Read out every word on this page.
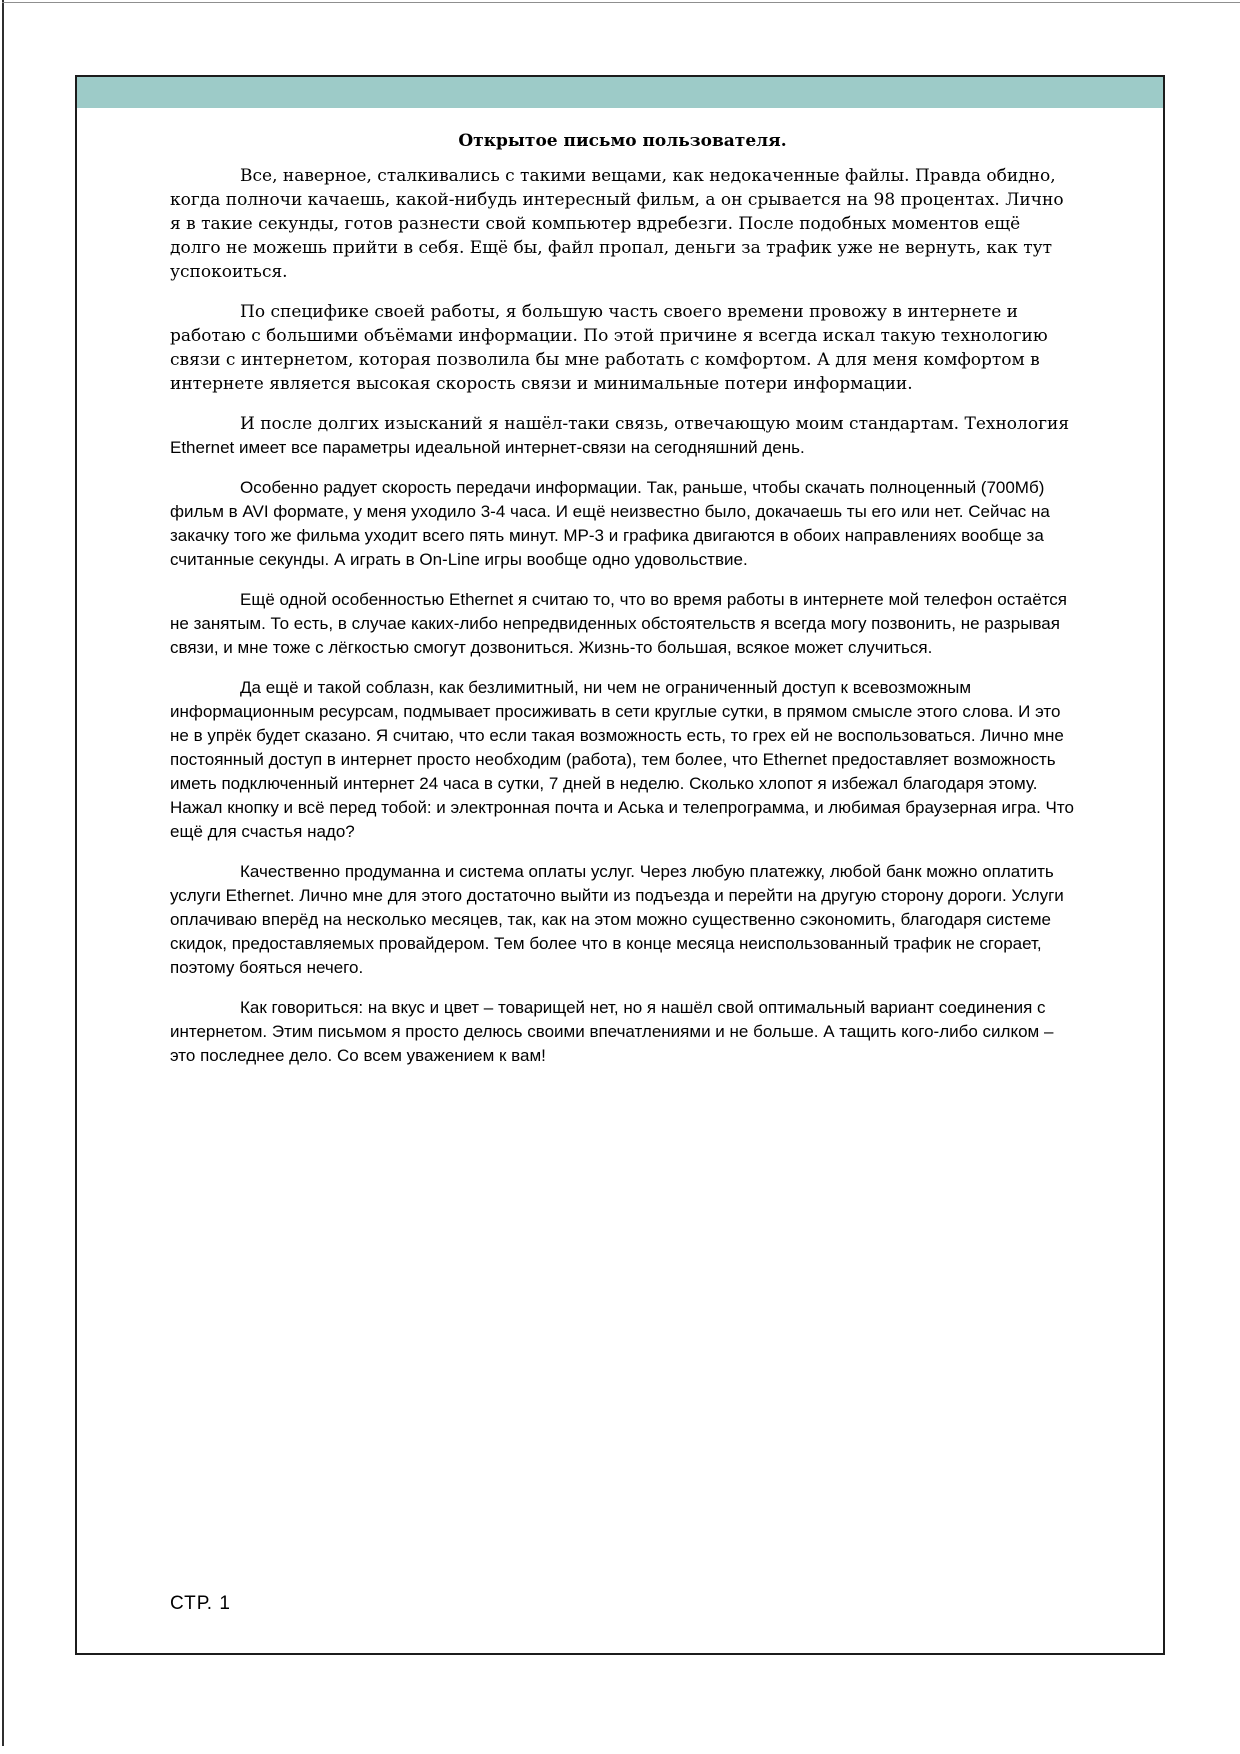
Открытое письмо пользователя.

Все, наверное, сталкивались с такими вещами, как недокаченные файлы. Правда обидно, когда полночи качаешь, какой-нибудь интересный фильм, а он срывается на 98 процентах. Лично я в такие секунды, готов разнести свой компьютер вдребезги. После подобных моментов ещё долго не можешь прийти в себя. Ещё бы, файл пропал, деньги за трафик уже не вернуть, как тут успокоиться.

По специфике своей работы, я большую часть своего времени провожу в интернете и работаю с большими объёмами информации. По этой причине я всегда искал такую технологию связи с интернетом, которая позволила бы мне работать с комфортом. А для меня комфортом в интернете является высокая скорость связи и минимальные потери информации.

И после долгих изысканий я нашёл-таки связь, отвечающую моим стандартам. Технология Ethernet имеет все параметры идеальной интернет-связи на сегодняшний день.

Особенно радует скорость передачи информации. Так, раньше, чтобы скачать полноценный (700Мб) фильм в AVI формате, у меня уходило 3-4 часа. И ещё неизвестно было, докачаешь ты его или нет. Сейчас на закачку того же фильма уходит всего пять минут. МР-3 и графика двигаются в обоих направлениях вообще за считанные секунды. А играть в On-Line игры вообще одно удовольствие.

Ещё одной особенностью Ethernet я считаю то, что во время работы в интернете мой телефон остаётся не занятым. То есть, в случае каких-либо непредвиденных обстоятельств я всегда могу позвонить, не разрывая связи, и мне тоже с лёгкостью смогут дозвониться. Жизнь-то большая, всякое может случиться.

Да ещё и такой соблазн, как безлимитный, ни чем не ограниченный доступ к всевозможным информационным ресурсам, подмывает просиживать в сети круглые сутки, в прямом смысле этого слова. И это не в упрёк будет сказано. Я считаю, что если такая возможность есть, то грех ей не воспользоваться. Лично мне постоянный доступ в интернет просто необходим (работа), тем более, что Ethernet предоставляет возможность иметь подключенный интернет 24 часа в сутки, 7 дней в неделю. Сколько хлопот я избежал благодаря этому. Нажал кнопку и всё перед тобой: и электронная почта и Аська и телепрограмма, и любимая браузерная игра. Что ещё для счастья надо?

Качественно продуманна и система оплаты услуг. Через любую платежку, любой банк можно оплатить услуги Ethernet. Лично мне для этого достаточно выйти из подъезда и перейти на другую сторону дороги. Услуги оплачиваю вперёд на несколько месяцев, так, как на этом можно существенно сэкономить, благодаря системе скидок, предоставляемых провайдером. Тем более что в конце месяца неиспользованный трафик не сгорает, поэтому бояться нечего.

Как говориться: на вкус и цвет – товарищей нет, но я нашёл свой оптимальный вариант соединения с интернетом. Этим письмом я просто делюсь своими впечатлениями и не больше. А тащить кого-либо силком – это последнее дело. Со всем уважением к вам!

СТР. 1
